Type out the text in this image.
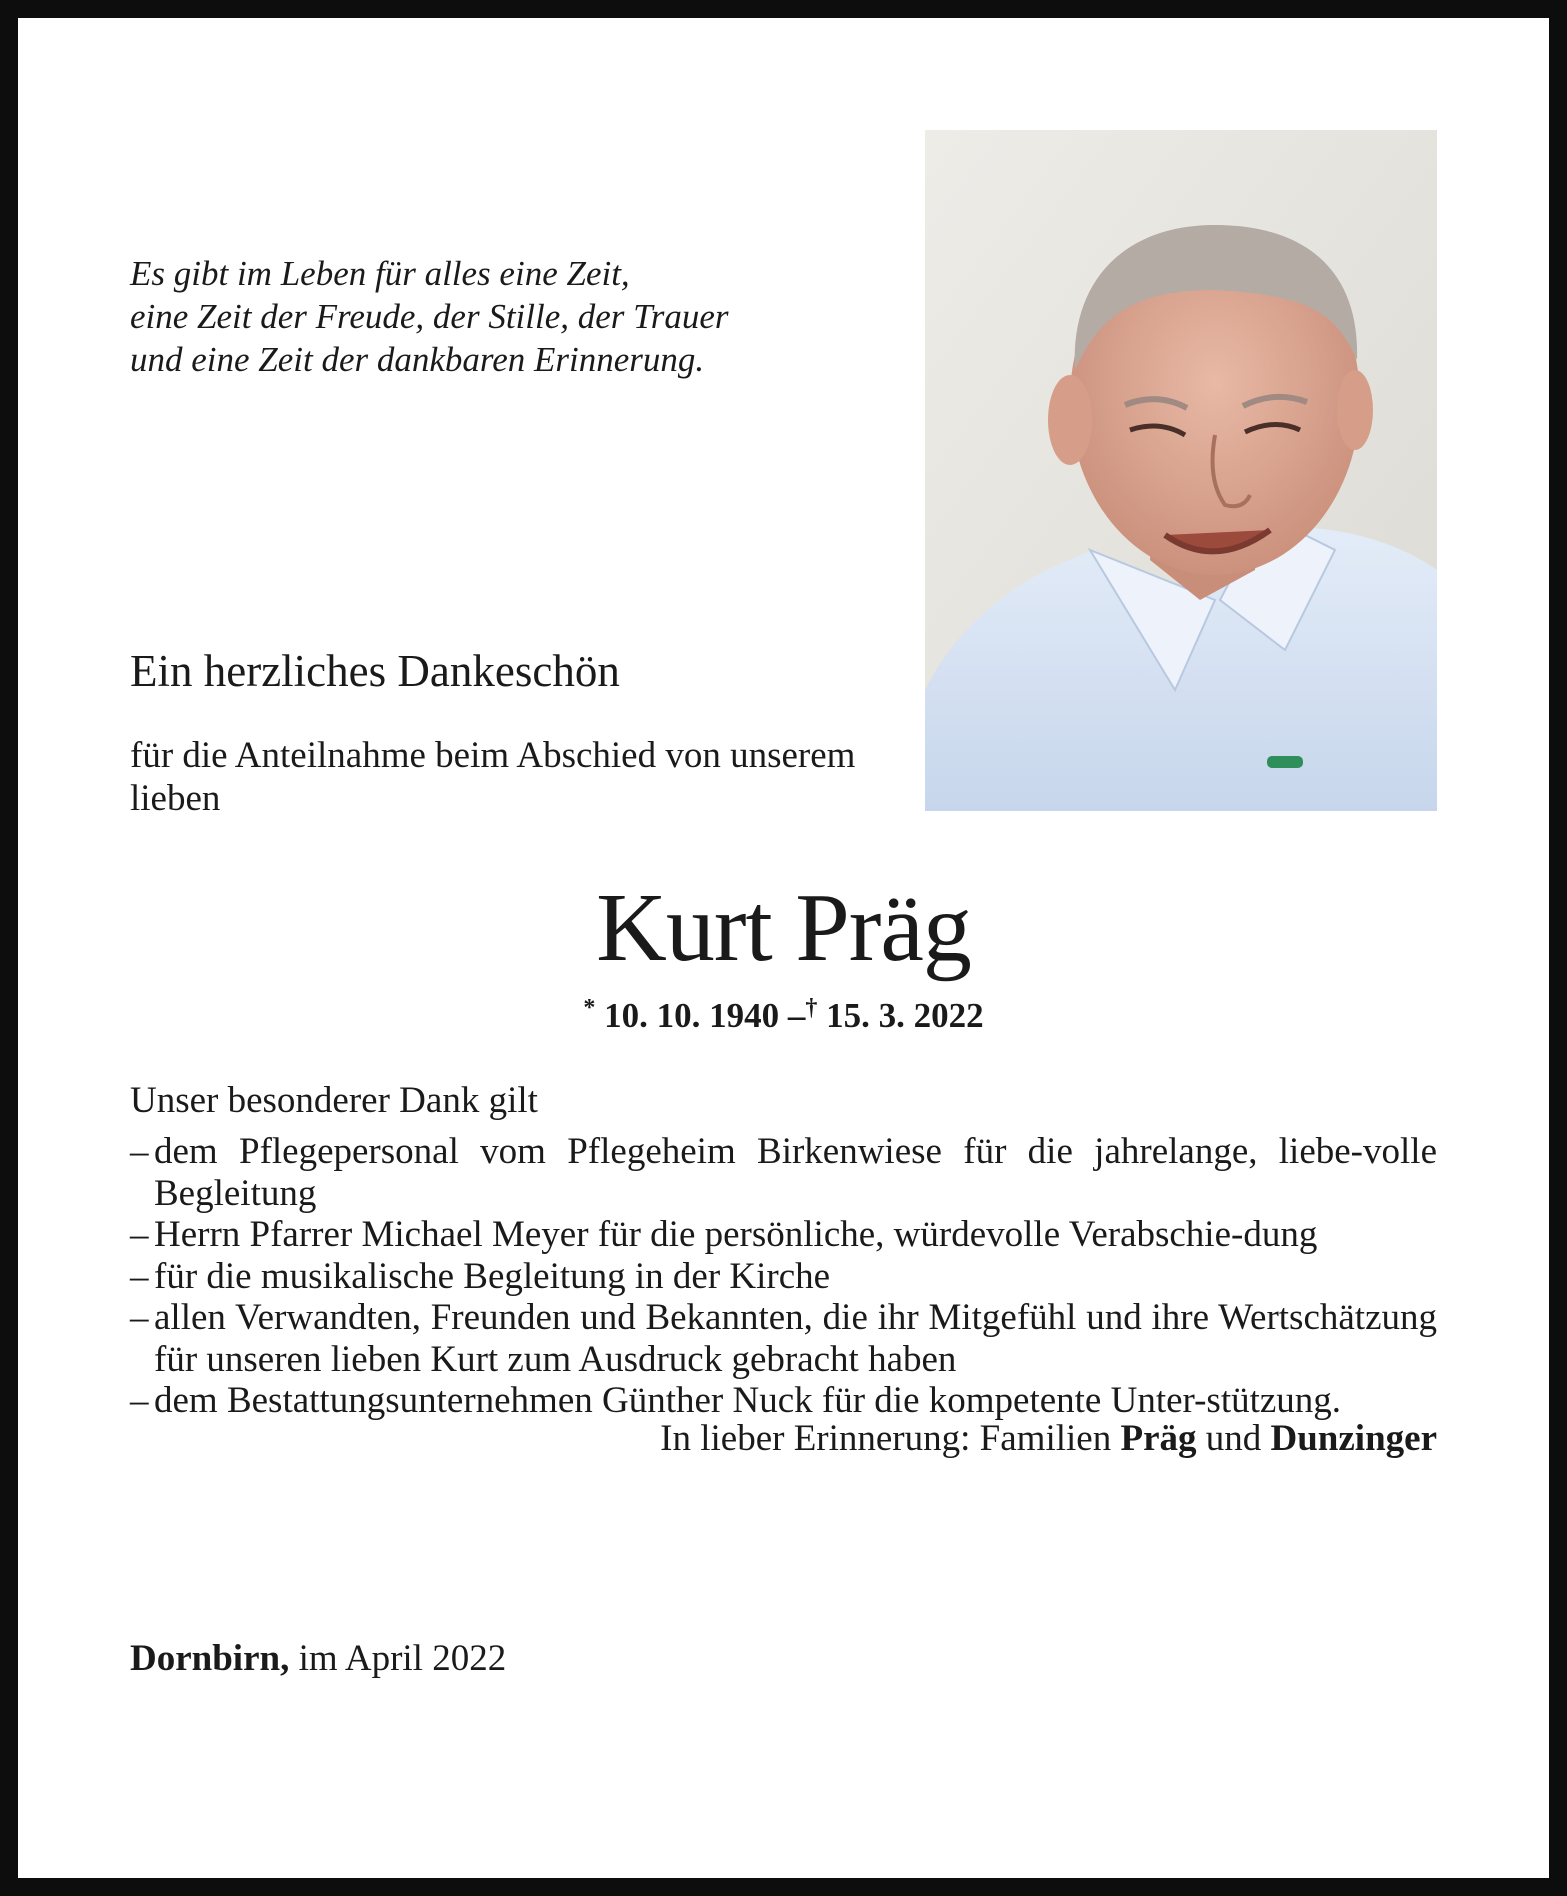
Es gibt im Leben für alles eine Zeit,
eine Zeit der Freude, der Stille, der Trauer
und eine Zeit der dankbaren Erinnerung.
Ein herzliches Dankeschön
für die Anteilnahme beim Abschied von unserem lieben
Kurt Präg
* 10. 10. 1940 –† 15. 3. 2022
Unser besonderer Dank gilt
– dem Pflegepersonal vom Pflegeheim Birkenwiese für die jahrelange, liebe-volle Begleitung
– Herrn Pfarrer Michael Meyer für die persönliche, würdevolle Verabschie-dung
– für die musikalische Begleitung in der Kirche
– allen Verwandten, Freunden und Bekannten, die ihr Mitgefühl und ihre Wertschätzung für unseren lieben Kurt zum Ausdruck gebracht haben
– dem Bestattungsunternehmen Günther Nuck für die kompetente Unter-stützung.
In lieber Erinnerung: Familien Präg und Dunzinger
Dornbirn, im April 2022
